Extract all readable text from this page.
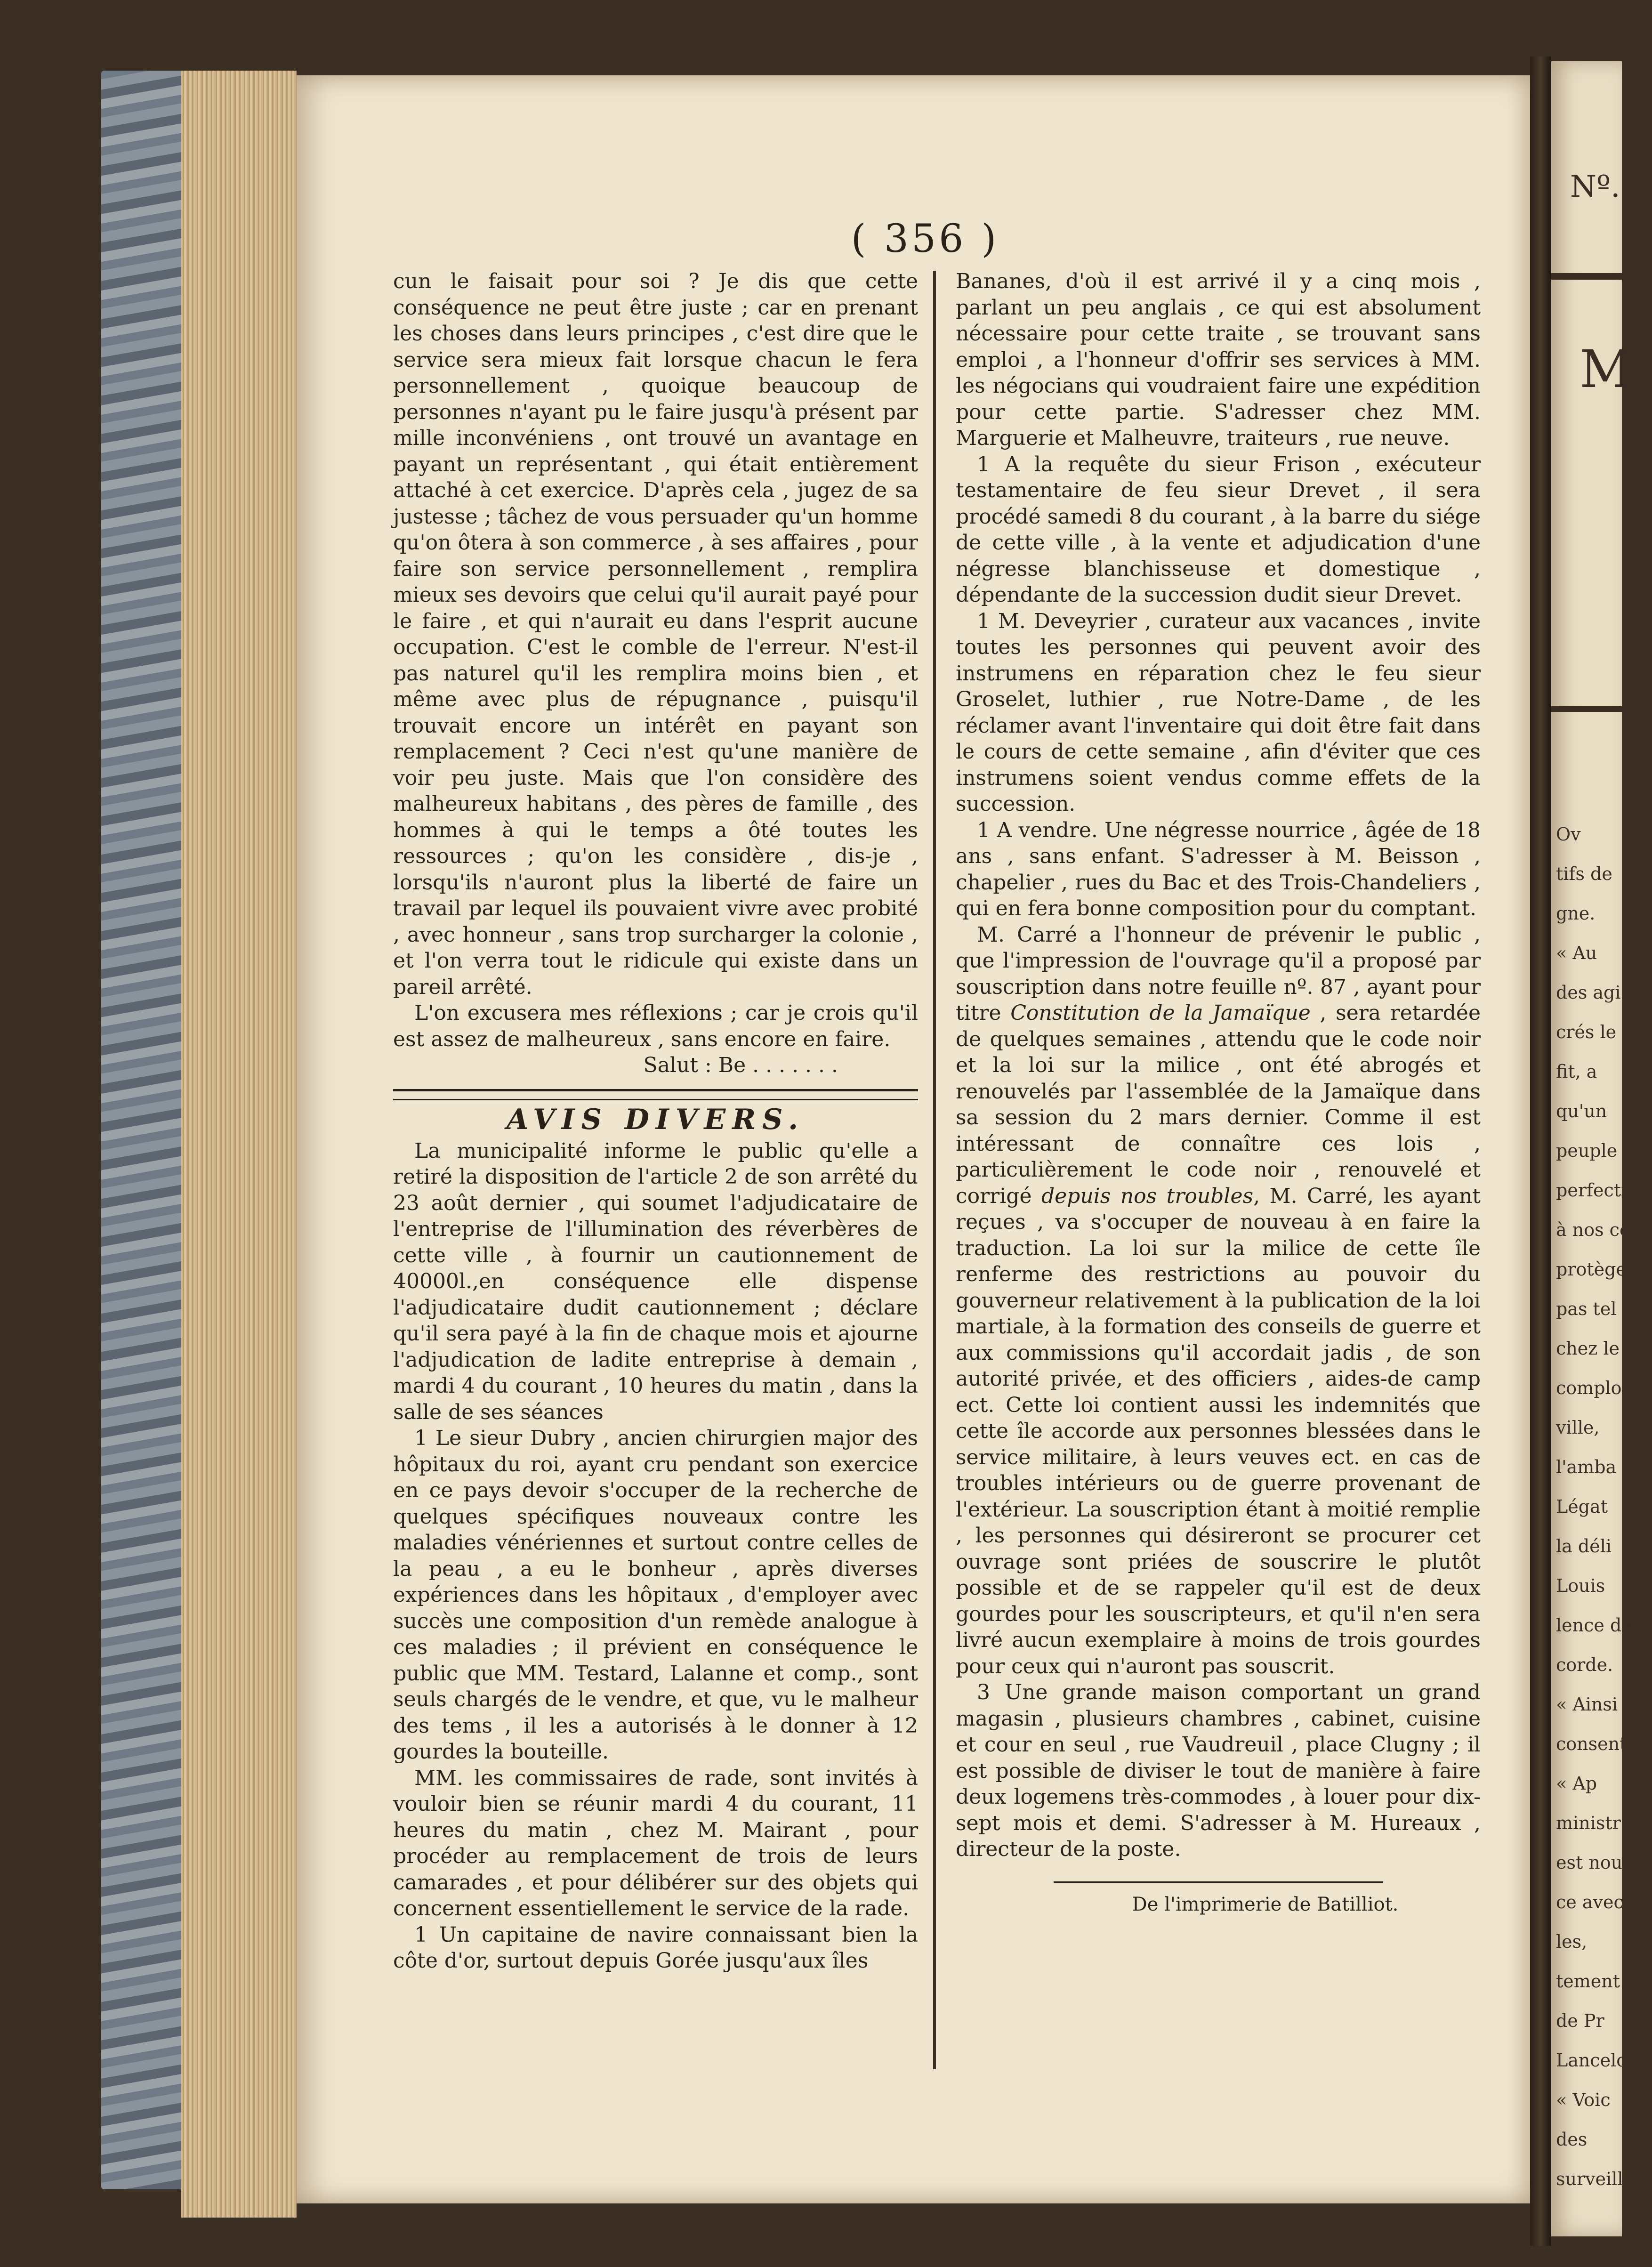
( 356 )

cun le faisait pour soi ? Je dis que cette conséquence ne peut être juste ; car en prenant les choses dans leurs principes , c'est dire que le service sera mieux fait lorsque chacun le fera personnellement , quoique beaucoup de personnes n'ayant pu le faire jusqu'à présent par mille inconvéniens , ont trouvé un avantage en payant un représentant , qui était entièrement attaché à cet exercice. D'après cela , jugez de sa justesse ; tâchez de vous persuader qu'un homme qu'on ôtera à son commerce , à ses affaires , pour faire son service personnellement , remplira mieux ses devoirs que celui qu'il aurait payé pour le faire , et qui n'aurait eu dans l'esprit aucune occupation. C'est le comble de l'erreur. N'est-il pas naturel qu'il les remplira moins bien , et même avec plus de répugnance , puisqu'il trouvait encore un intérêt en payant son remplacement ? Ceci n'est qu'une manière de voir peu juste. Mais que l'on considère des malheureux habitans , des pères de famille , des hommes à qui le temps a ôté toutes les ressources ; qu'on les considère , dis-je , lorsqu'ils n'auront plus la liberté de faire un travail par lequel ils pouvaient vivre avec probité , avec honneur , sans trop surcharger la colonie , et l'on verra tout le ridicule qui existe dans un pareil arrêté.

L'on excusera mes réflexions ; car je crois qu'il est assez de malheureux , sans encore en faire.

Salut : Be . . . . . . .

AVIS DIVERS.

La municipalité informe le public qu'elle a retiré la disposition de l'article 2 de son arrêté du 23 août dernier , qui soumet l'adjudicataire de l'entreprise de l'illumination des réverbères de cette ville , à fournir un cautionnement de 40000l.,en conséquence elle dispense l'adjudicataire dudit cautionnement ; déclare qu'il sera payé à la fin de chaque mois et ajourne l'adjudication de ladite entreprise à demain , mardi 4 du courant , 10 heures du matin , dans la salle de ses séances

1 Le sieur Dubry , ancien chirurgien major des hôpitaux du roi, ayant cru pendant son exercice en ce pays devoir s'occuper de la recherche de quelques spécifiques nouveaux contre les maladies vénériennes et surtout contre celles de la peau , a eu le bonheur , après diverses expériences dans les hôpitaux , d'employer avec succès une composition d'un remède analogue à ces maladies ; il prévient en conséquence le public que MM. Testard, Lalanne et comp., sont seuls chargés de le vendre, et que, vu le malheur des tems , il les a autorisés à le donner à 12 gourdes la bouteille.

MM. les commissaires de rade, sont invités à vouloir bien se réunir mardi 4 du courant, 11 heures du matin , chez M. Mairant , pour procéder au remplacement de trois de leurs camarades , et pour délibérer sur des objets qui concernent essentiellement le service de la rade.

1 Un capitaine de navire connaissant bien la côte d'or, surtout depuis Gorée jusqu'aux îles

Bananes, d'où il est arrivé il y a cinq mois , parlant un peu anglais , ce qui est absolument nécessaire pour cette traite , se trouvant sans emploi , a l'honneur d'offrir ses services à MM. les négocians qui voudraient faire une expédition pour cette partie. S'adresser chez MM. Marguerie et Malheuvre, traiteurs , rue neuve.

1 A la requête du sieur Frison , exécuteur testamentaire de feu sieur Drevet , il sera procédé samedi 8 du courant , à la barre du siége de cette ville , à la vente et adjudication d'une négresse blanchisseuse et domestique , dépendante de la succession dudit sieur Drevet.

1 M. Deveyrier , curateur aux vacances , invite toutes les personnes qui peuvent avoir des instrumens en réparation chez le feu sieur Groselet, luthier , rue Notre-Dame , de les réclamer avant l'inventaire qui doit être fait dans le cours de cette semaine , afin d'éviter que ces instrumens soient vendus comme effets de la succession.

1 A vendre. Une négresse nourrice , âgée de 18 ans , sans enfant. S'adresser à M. Beisson , chapelier , rues du Bac et des Trois-Chandeliers , qui en fera bonne composition pour du comptant.

M. Carré a l'honneur de prévenir le public , que l'impression de l'ouvrage qu'il a proposé par souscription dans notre feuille nº. 87 , ayant pour titre Constitution de la Jamaïque , sera retardée de quelques semaines , attendu que le code noir et la loi sur la milice , ont été abrogés et renouvelés par l'assemblée de la Jamaïque dans sa session du 2 mars dernier. Comme il est intéressant de connaître ces lois , particulièrement le code noir , renouvelé et corrigé depuis nos troubles, M. Carré, les ayant reçues , va s'occuper de nouveau à en faire la traduction. La loi sur la milice de cette île renferme des restrictions au pouvoir du gouverneur relativement à la publication de la loi martiale, à la formation des conseils de guerre et aux commissions qu'il accordait jadis , de son autorité privée, et des officiers , aides-de camp ect. Cette loi contient aussi les indemnités que cette île accorde aux personnes blessées dans le service militaire, à leurs veuves ect. en cas de troubles intérieurs ou de guerre provenant de l'extérieur. La souscription étant à moitié remplie , les personnes qui désireront se procurer cet ouvrage sont priées de souscrire le plutôt possible et de se rappeler qu'il est de deux gourdes pour les souscripteurs, et qu'il n'en sera livré aucun exemplaire à moins de trois gourdes pour ceux qui n'auront pas souscrit.

3 Une grande maison comportant un grand magasin , plusieurs chambres , cabinet, cuisine et cour en seul , rue Vaudreuil , place Clugny ; il est possible de diviser le tout de manière à faire deux logemens très-commodes , à louer pour dix-sept mois et demi. S'adresser à M. Hureaux , directeur de la poste.

De l'imprimerie de Batilliot.

Nº.
M
Ov
tifs de
gne.
« Au
des agi
crés le
fit, a
qu'un
peuple
perfectio
à nos conv
protège
pas tel
chez le
complo
ville,
l'amba
Légat
la déli
Louis
lence de
corde.
« Ainsi
consenti
« Ap
ministr
est nouv
ce avec
les,
tement
de Pr
Lancelo
« Voic
des
surveill
